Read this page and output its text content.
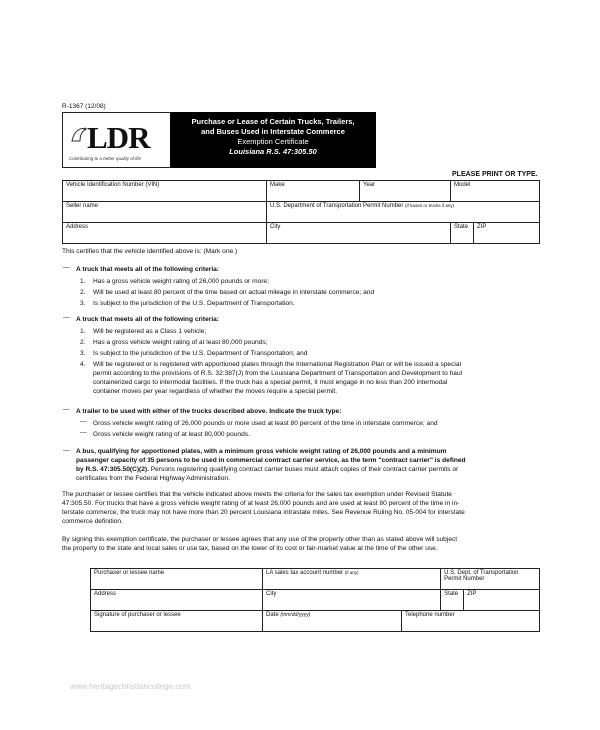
R-1367 (12/08)
LDR
Contributing to a better quality of life
Purchase or Lease of Certain Trucks, Trailers,
and Buses Used in Interstate Commerce
Exemption Certificate
Louisiana R.S. 47:305.50
PLEASE PRINT OR TYPE.
Vehicle Identification Number (VIN)	Make	Year	Model	
Seller name	U.S. Department of Transportation Permit Number (if buses or trucks if any)			
Address	City		State	ZIP
This certifies that the vehicle identified above is: (Mark one.)
__
A truck that meets all of the following criteria:
1. Has a gross vehicle weight rating of 26,000 pounds or more;
2. Will be used at least 80 percent of the time based on actual mileage in interstate commerce; and
3. Is subject to the jurisdiction of the U.S. Department of Transportation.
__
A truck that meets all of the following criteria:
1. Will be registered as a Class 1 vehicle;
2. Has a gross vehicle weight rating of at least 80,000 pounds;
3. Is subject to the jurisdiction of the U.S. Department of Transportation; and
4. Will be registered or is registered with apportioned plates through the International Registration Plan or will be issued a special
permit according to the provisions of R.S. 32:387(J) from the Louisiana Department of Transportation and Development to haul
containerized cargo to intermodal facilities. If the truck has a special permit, it must engage in no less than 200 intermodal
container moves per year regardless of whether the moves require a special permit.
__
A trailer to be used with either of the trucks described above. Indicate the truck type:
__
Gross vehicle weight rating of 26,000 pounds or more used at least 80 percent of the time in interstate commerce; and
__
Gross vehicle weight rating of at least 80,000 pounds.
__ A bus, qualifying for apportioned plates, with a minimum gross vehicle weight rating of 26,000 pounds and a minimum
passenger capacity of 35 persons to be used in commercial contract carrier service, as the term "contract carrier" is defined
by R.S. 47:305.50(C)(2). Persons registering qualifying contract carrier buses must attach copies of their contract carrier permits or
certificates from the Federal Highway Administration.
The purchaser or lessee certifies that the vehicle indicated above meets the criteria for the sales tax exemption under Revised Statute
47:305.50. For trucks that have a gross vehicle weight rating of at least 26,000 pounds and are used at least 80 percent of the time in in-
terstate commerce, the truck may not have more than 20 percent Louisiana intrastate miles. See Revenue Ruling No. 05-004 for interstate
commerce definition.
By signing this exemption certificate, the purchaser or lessee agrees that any use of the property other than as stated above will subject
the property to the state and local sales or use tax, based on the lower of its cost or fair-market value at the time of the other use.
Purchaser or lessee name	LA sales tax account number (if any)		U.S. Dept. of Transportation Permit Number	
Address	City		State	ZIP
Signature of purchaser or lessee	Date (mm/dd/yyyy)	Telephone number		
www.heritagechristiancollege.com
